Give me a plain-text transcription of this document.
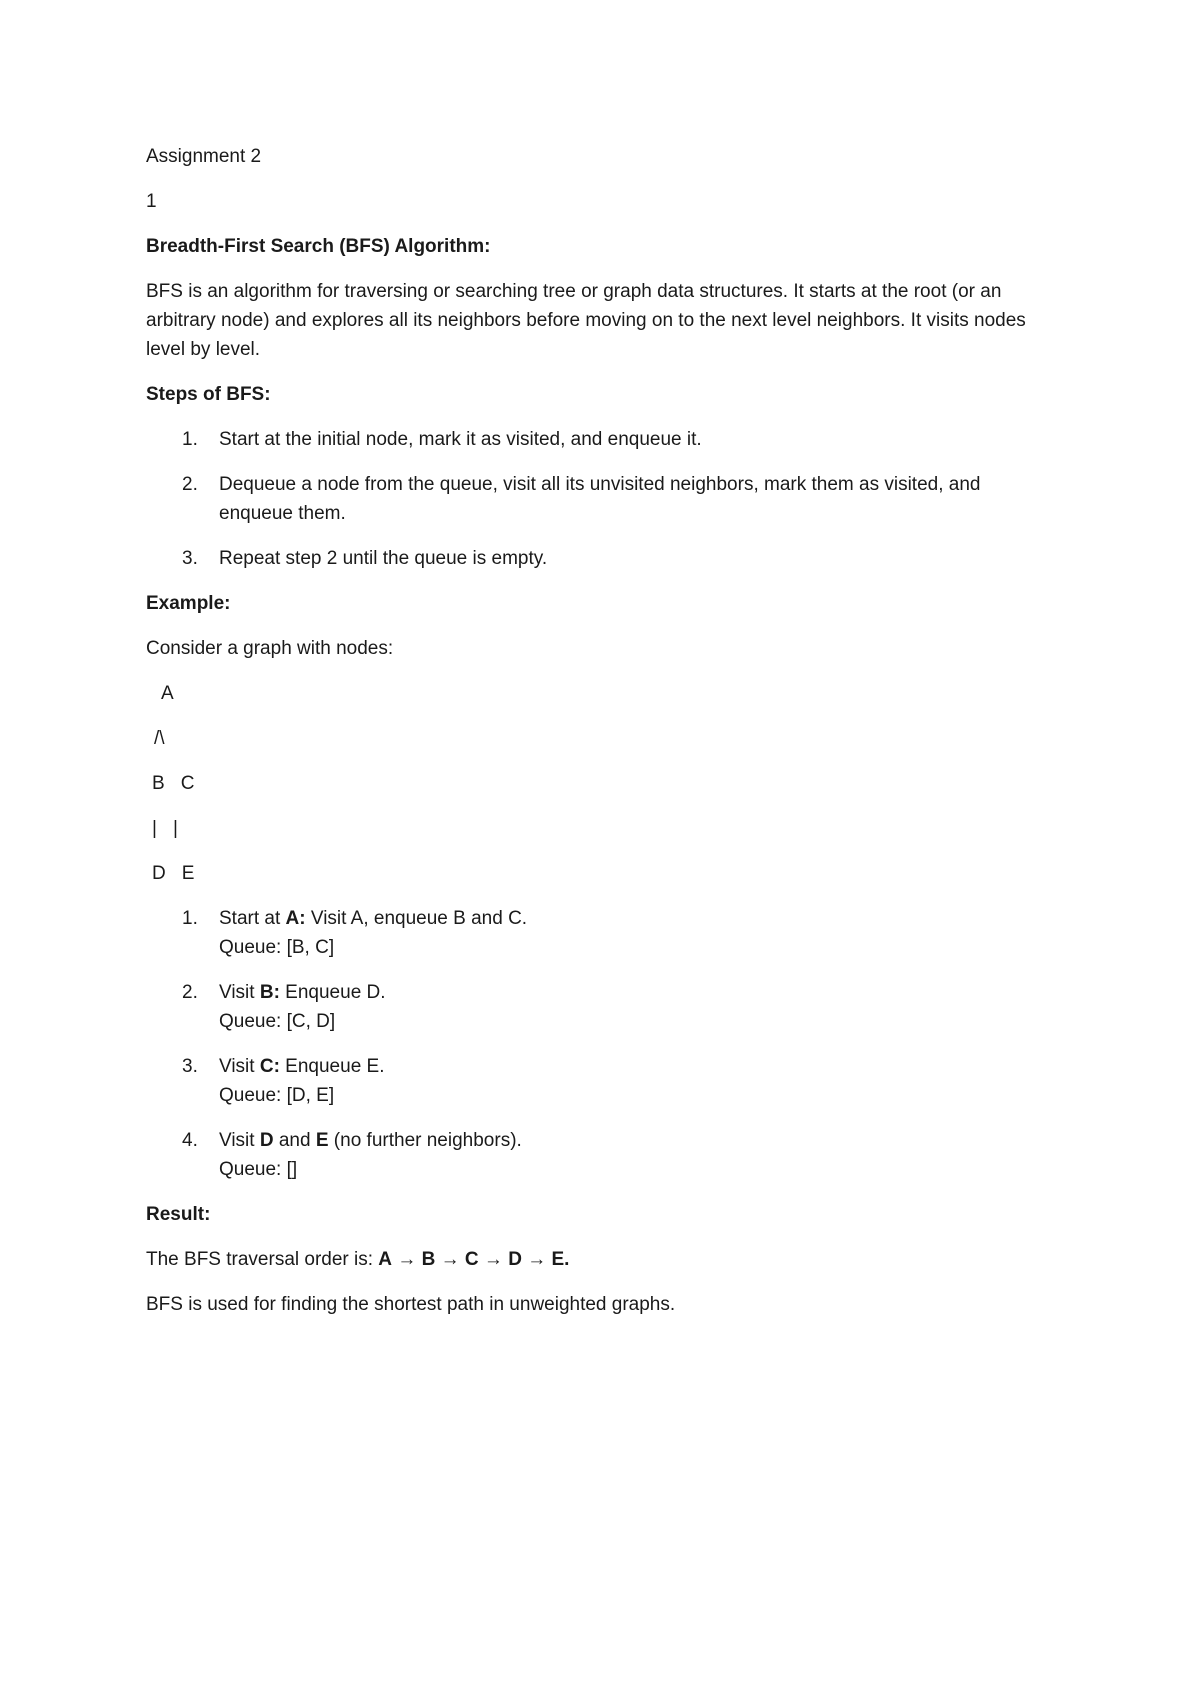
Assignment 2

1

Breadth-First Search (BFS) Algorithm:

BFS is an algorithm for traversing or searching tree or graph data structures. It starts at the root (or an arbitrary node) and explores all its neighbors before moving on to the next level neighbors. It visits nodes level by level.

Steps of BFS:

1. Start at the initial node, mark it as visited, and enqueue it.
2. Dequeue a node from the queue, visit all its unvisited neighbors, mark them as visited, and enqueue them.
3. Repeat step 2 until the queue is empty.

Example:

Consider a graph with nodes:

A

/\

B C

| |

D E

1. Start at A: Visit A, enqueue B and C.
Queue: [B, C]
2. Visit B: Enqueue D.
Queue: [C, D]
3. Visit C: Enqueue E.
Queue: [D, E]
4. Visit D and E (no further neighbors).
Queue: []

Result:

The BFS traversal order is: A → B → C → D → E.

BFS is used for finding the shortest path in unweighted graphs.
